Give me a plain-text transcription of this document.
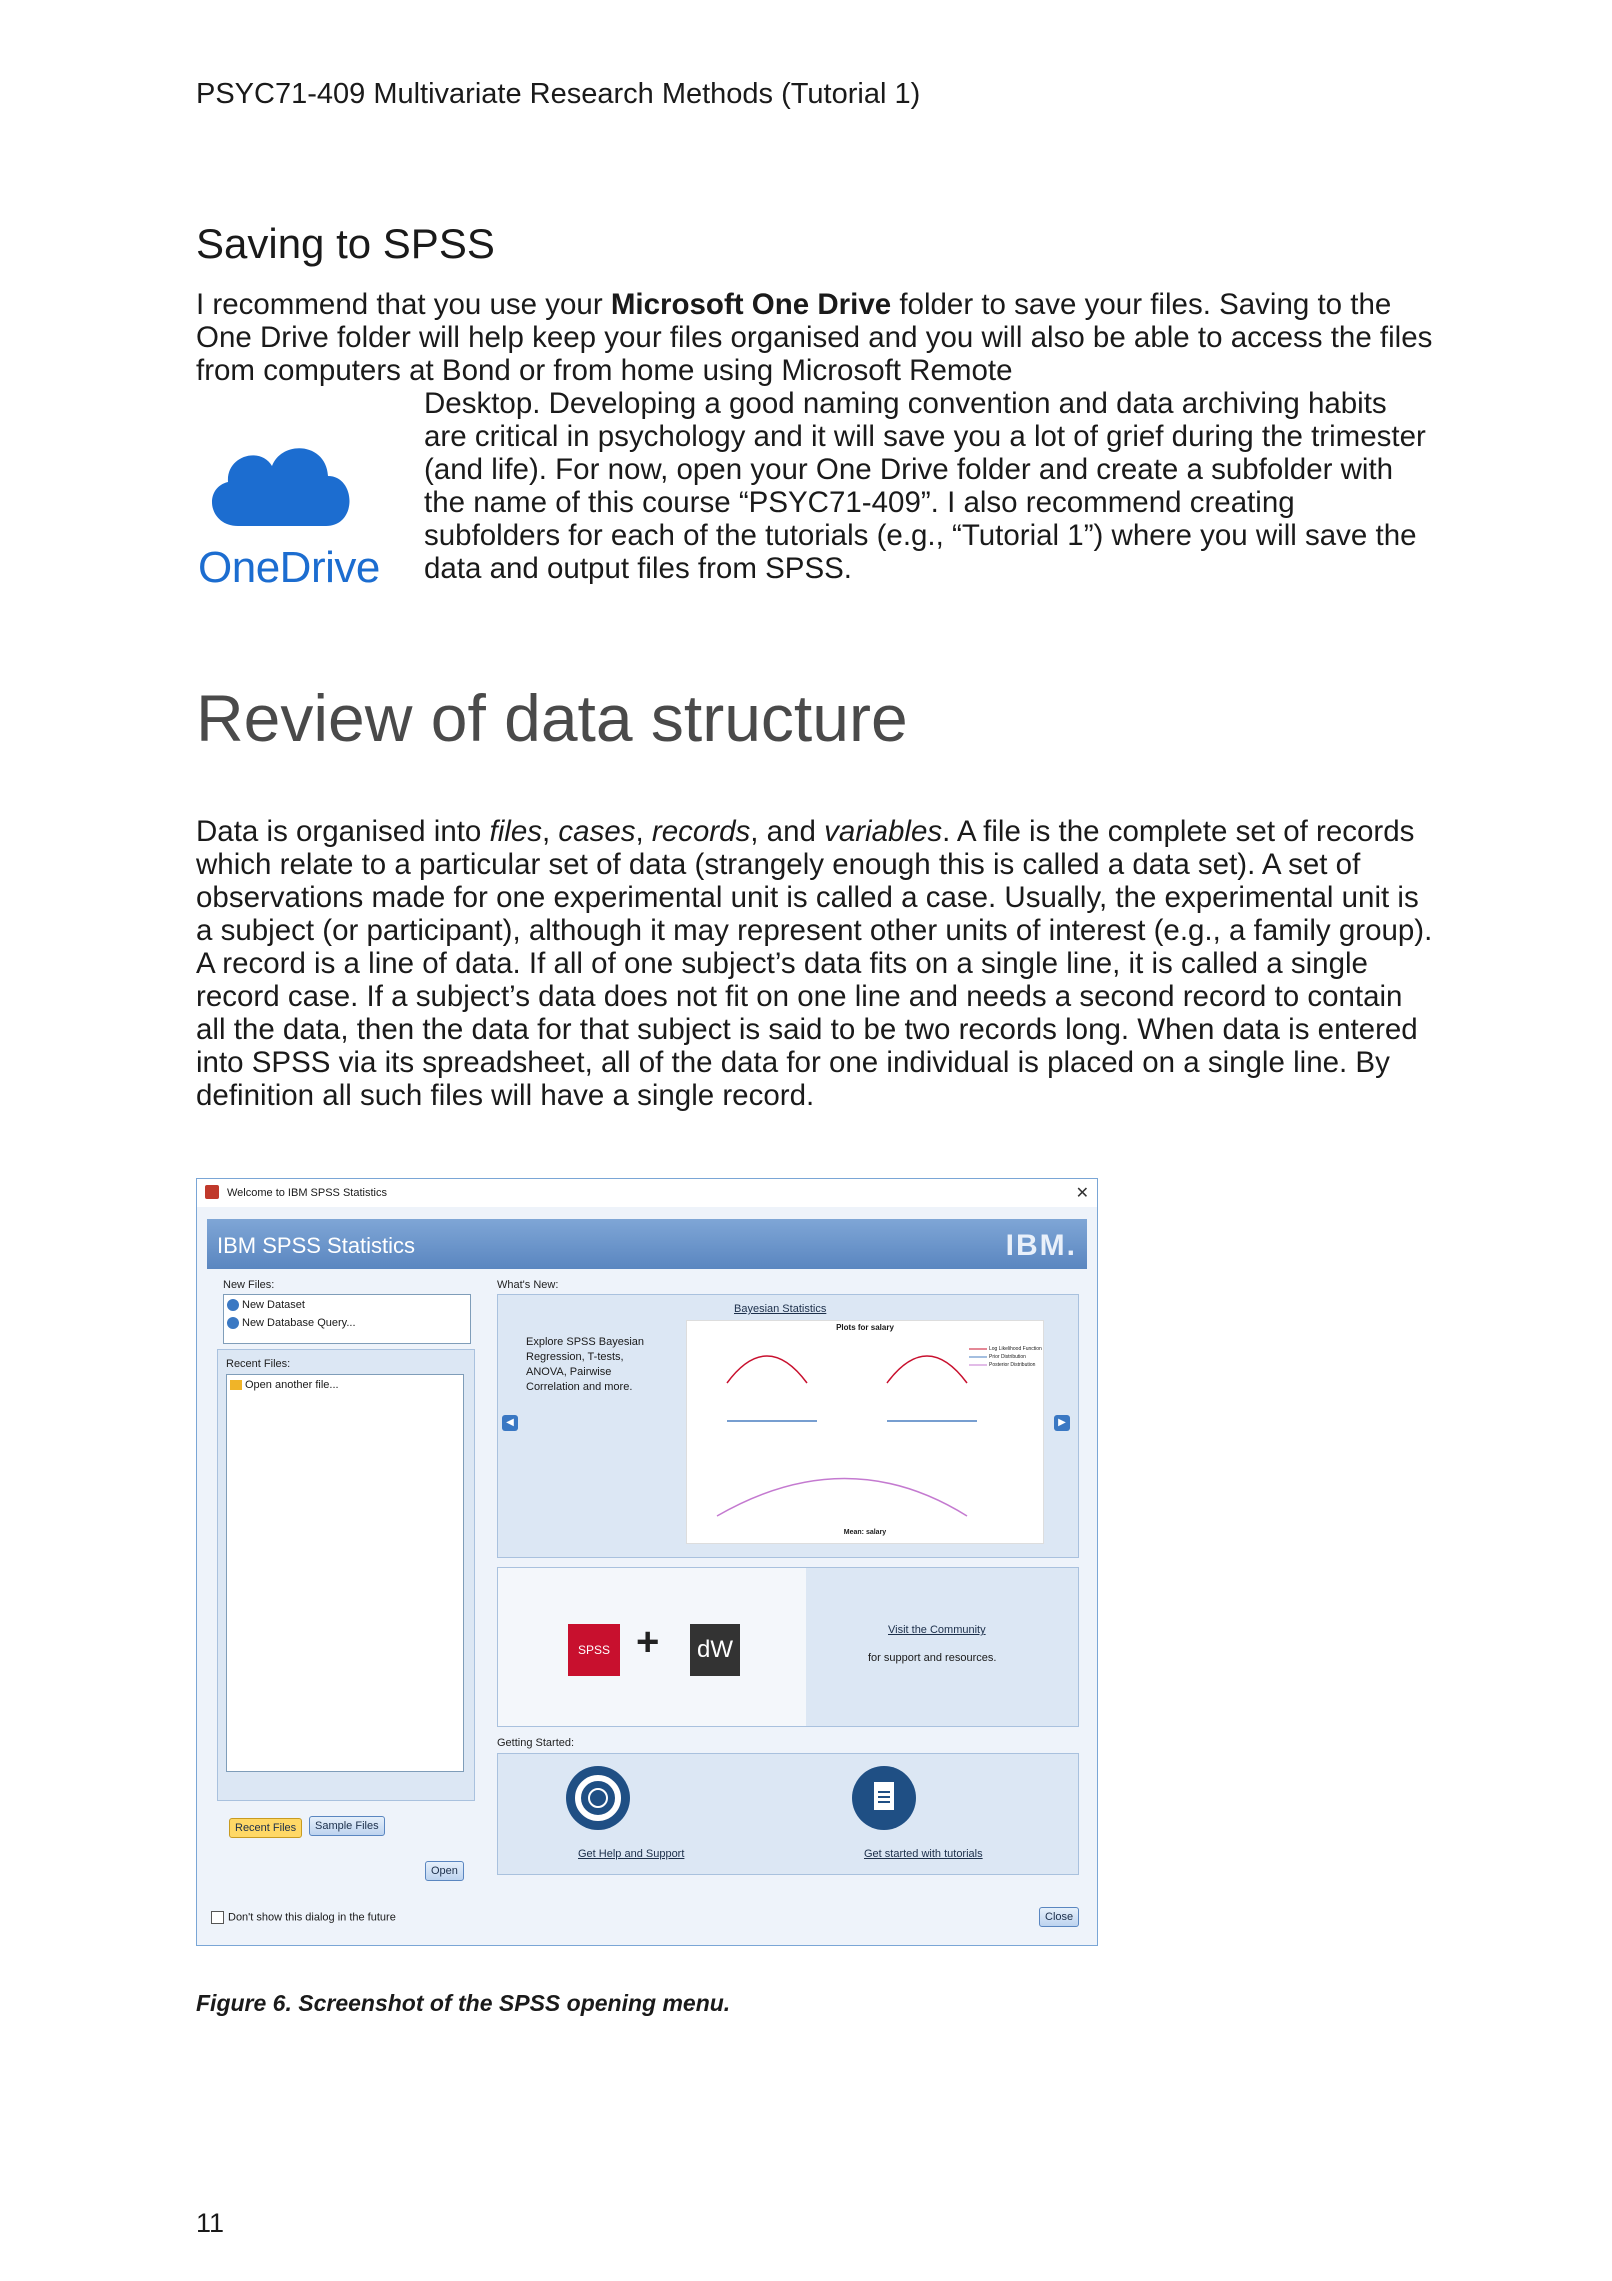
PSYC71-409 Multivariate Research Methods (Tutorial 1)
Saving to SPSS

I recommend that you use your Microsoft One Drive folder to save your files. Saving to the One Drive folder will help keep your files organised and you will also be able to access the files from computers at Bond or from home using Microsoft Remote

OneDrive

Desktop. Developing a good naming convention and data archiving habits are critical in psychology and it will save you a lot of grief during the trimester (and life). For now, open your One Drive folder and create a subfolder with the name of this course “PSYC71-409”. I also recommend creating subfolders for each of the tutorials (e.g., “Tutorial 1”) where you will save the data and output files from SPSS.

Review of data structure

Data is organised into files, cases, records, and variables. A file is the complete set of records which relate to a particular set of data (strangely enough this is called a data set). A set of observations made for one experimental unit is called a case. Usually, the experimental unit is a subject (or participant), although it may represent other units of interest (e.g., a family group). A record is a line of data. If all of one subject’s data fits on a single line, it is called a single record case. If a subject’s data does not fit on one line and needs a second record to contain all the data, then the data for that subject is said to be two records long. When data is entered into SPSS via its spreadsheet, all of the data for one individual is placed on a single line. By definition all such files will have a single record.

Welcome to IBM SPSS Statistics	✕
IBM SPSS Statistics	IBM.
New Files:
New Dataset
New Database Query...
Recent Files:
Open another file...
Recent Files	Sample Files
Open
What's New:
Bayesian Statistics
Explore SPSS Bayesian Regression, T-tests, ANOVA, Pairwise Correlation and more.
◀	▶
SPSS + dW
Visit the Community
for support and resources.
Getting Started:
Get Help and Support	Get started with tutorials
Don't show this dialog in the future	Close
Plots for salary
Log Likelihood Function
Prior Distribution
Posterior Distribution
Mean: salary
Figure 6. Screenshot of the SPSS opening menu.
11
